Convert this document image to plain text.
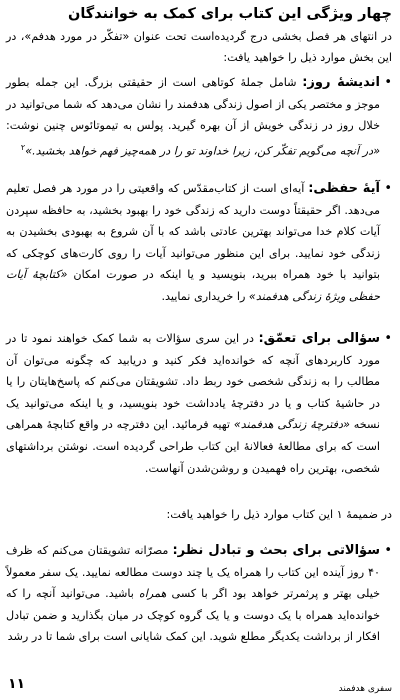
چهار ویژگی این کتاب برای کمک به خوانندگان
در انتهای هر فصل بخشی درج گردیده‌است تحت عنوان «تفکّر در مورد هدفم»، در این بخش موارد ذیل را خواهید یافت:
•
اندیشهٔ روز: شامل جملهٔ کوتاهی است از حقیقتی بزرگ. این جمله بطور موجز و مختصر یکی از اصول زندگی هدفمند را نشان می‌دهد که شما می‌توانید در خلال روز در زندگی خویش از آن بهره گیرید. پولس به تیموتائوس چنین نوشت: «در آنچه می‌گویم تفکّر کن، زیرا خداوند تو را در همه‌چیز فهم خواهد بخشید.»$^۲$
•
آیهٔ حفظی: آیه‌ای است از کتاب‌مقدّس که واقعیتی را در مورد هر فصل تعلیم می‌دهد. اگر حقیقتاً دوست دارید که زندگی خود را بهبود بخشید، به حافظه سپردن آیات کلام خدا می‌تواند بهترین عادتی باشد که با آن شروع به بهبودی بخشیدن به زندگی خود نمایید. برای این منظور می‌توانید آیات را روی کارت‌های کوچکی که بتوانید با خود همراه ببرید، بنویسید و یا اینکه در صورت امکان «کتابچهٔ آیات حفظی ویژهٔ زندگی هدفمند» را خریداری نمایید.
•
سؤالی برای تعمّق: در این سری سؤالات به شما کمک خواهند نمود تا در مورد کاربردهای آنچه که خوانده‌اید فکر کنید و دریابید که چگونه می‌توان آن مطالب را به زندگی شخصی خود ربط داد. تشویقتان می‌کنم که پاسخ‌هایتان را یا در حاشیهٔ کتاب و یا در دفترچهٔ یادداشت خود بنویسید، و یا اینکه می‌توانید یک نسخه «دفترچهٔ زندگی هدفمند» تهیه فرمائید. این دفترچه در واقع کتابچهٔ همراهی است که برای مطالعهٔ فعالانهٔ این کتاب طراحی گردیده است. نوشتن برداشتهای شخصی، بهترین راه فهمیدن و روشن‌شدن آنهاست.
در ضمیمهٔ ۱ این کتاب موارد ذیل را خواهید یافت:
•
سؤالاتی برای بحث و تبادل نظر: مصرّانه تشویقتان می‌کنم که ظرف ۴۰ روز آینده این کتاب را همراه یک یا چند دوست مطالعه نمایید. یک سفر معمولاً خیلی بهتر و پرثمرتر خواهد بود اگر با کسی همراه باشید. می‌توانید آنچه را که خوانده‌اید همراه با یک دوست و یا یک گروه کوچک در میان بگذارید و ضمن تبادل افکار از برداشت یکدیگر مطلع شوید. این کمک شایانی است برای شما تا در رشد
۱۱	سفری هدفمند
